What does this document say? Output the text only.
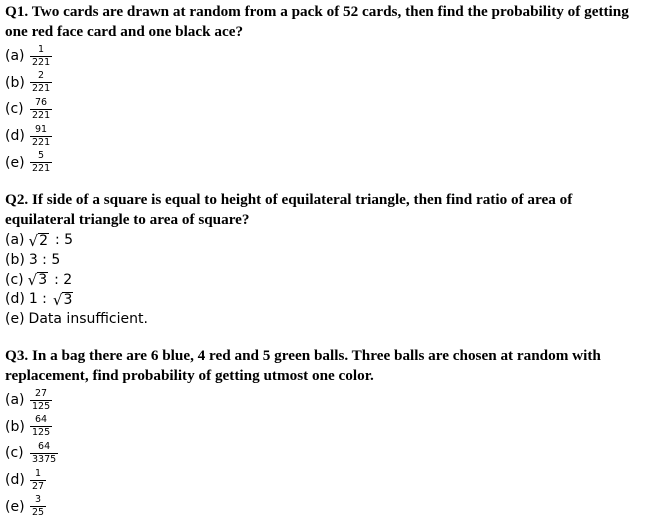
Q1. Two cards are drawn at random from a pack of 52 cards, then find the probability of getting one red face card and one black ace?

$(a) \frac{1}{221}$
$(b) \frac{2}{221}$
$(c) \frac{76}{221}$
$(d) \frac{91}{221}$
$(e) \frac{5}{221}$

Q2. If side of a square is equal to height of equilateral triangle, then find ratio of area of equilateral triangle to area of square?

(a) √ 2 : 5
(b) 3 : 5
(c) √ 3 : 2
(d) 1 : √ 3
(e) Data insufficient.

Q3. In a bag there are 6 blue, 4 red and 5 green balls. Three balls are chosen at random with replacement, find probability of getting utmost one color.

$(a) \frac{27}{125}$
$(b) \frac{64}{125}$
$(c) \frac{64}{3375}$
$(d) \frac{1}{27}$
$(e) \frac{3}{25}$
